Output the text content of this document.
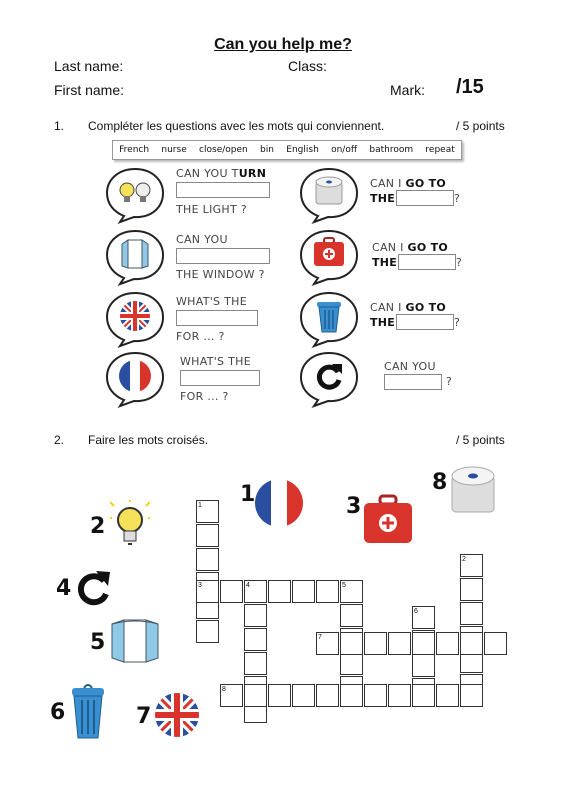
Can you help me?
Last name:	Class:
First name:	Mark: /15
1. Compléter les questions avec les mots qui conviennent.	/ 5 points
French nurse close/open bin English on/off bathroom repeat
CAN YOU TURN
THE LIGHT ?
CAN YOU
THE WINDOW ?
WHAT'S THE
FOR ... ?
WHAT'S THE
FOR ... ?
CAN I GO TO
THE	?
CAN I GO TO
THE	?
CAN I GO TO
THE	?
CAN YOU
?
2. Faire les mots croisés.	/ 5 points
1
2
3
8
4
5
6	7
1
2
3	4	5
6
7
8
